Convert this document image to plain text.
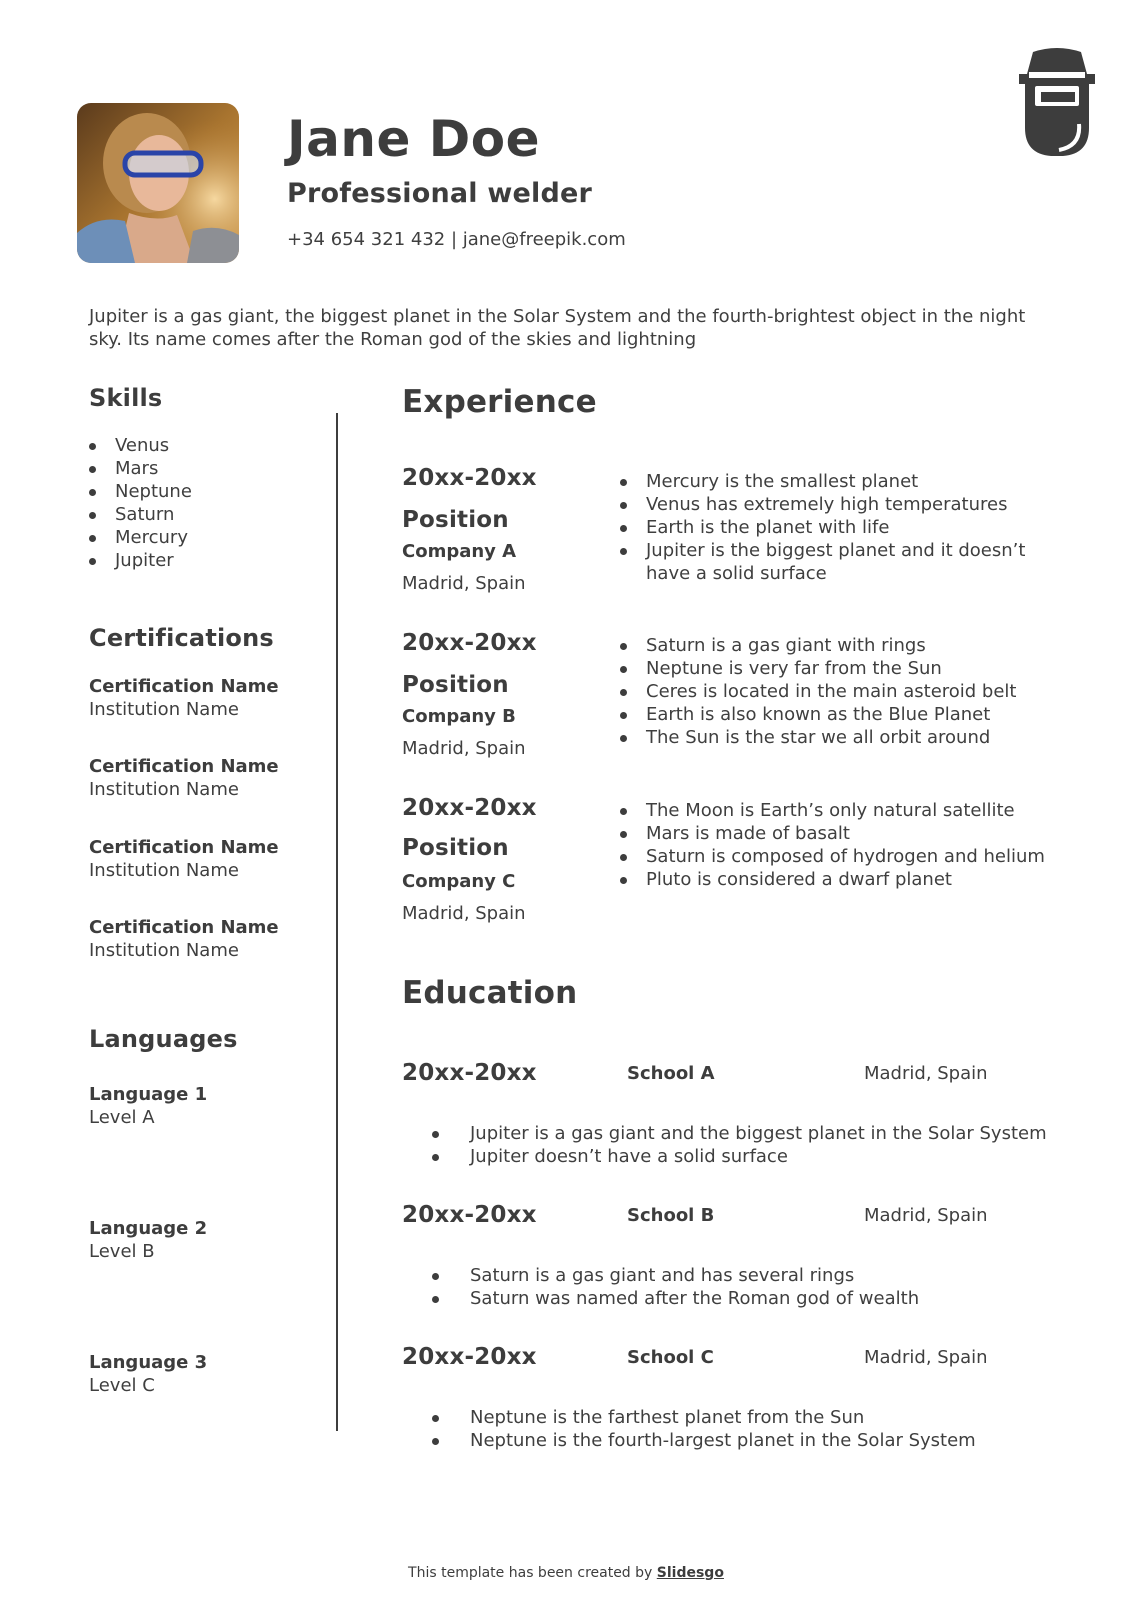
Jane Doe
Professional welder
+34 654 321 432 | jane@freepik.com
Jupiter is a gas giant, the biggest planet in the Solar System and the fourth-brightest object in the night sky. Its name comes after the Roman god of the skies and lightning
Skills
Venus
Mars
Neptune
Saturn
Mercury
Jupiter
Certifications
Certification Name
Institution Name
Certification Name
Institution Name
Certification Name
Institution Name
Certification Name
Institution Name
Languages
Language 1
Level A
Language 2
Level B
Language 3
Level C
Experience
20xx-20xx
Position
Company A
Madrid, Spain
Mercury is the smallest planet
Venus has extremely high temperatures
Earth is the planet with life
Jupiter is the biggest planet and it doesn’t have a solid surface
20xx-20xx
Position
Company B
Madrid, Spain
Saturn is a gas giant with rings
Neptune is very far from the Sun
Ceres is located in the main asteroid belt
Earth is also known as the Blue Planet
The Sun is the star we all orbit around
20xx-20xx
Position
Company C
Madrid, Spain
The Moon is Earth’s only natural satellite
Mars is made of basalt
Saturn is composed of hydrogen and helium
Pluto is considered a dwarf planet
Education
20xx-20xx	School A	Madrid, Spain
Jupiter is a gas giant and the biggest planet in the Solar System
Jupiter doesn’t have a solid surface
20xx-20xx	School B	Madrid, Spain
Saturn is a gas giant and has several rings
Saturn was named after the Roman god of wealth
20xx-20xx	School C	Madrid, Spain
Neptune is the farthest planet from the Sun
Neptune is the fourth-largest planet in the Solar System
This template has been created by Slidesgo
